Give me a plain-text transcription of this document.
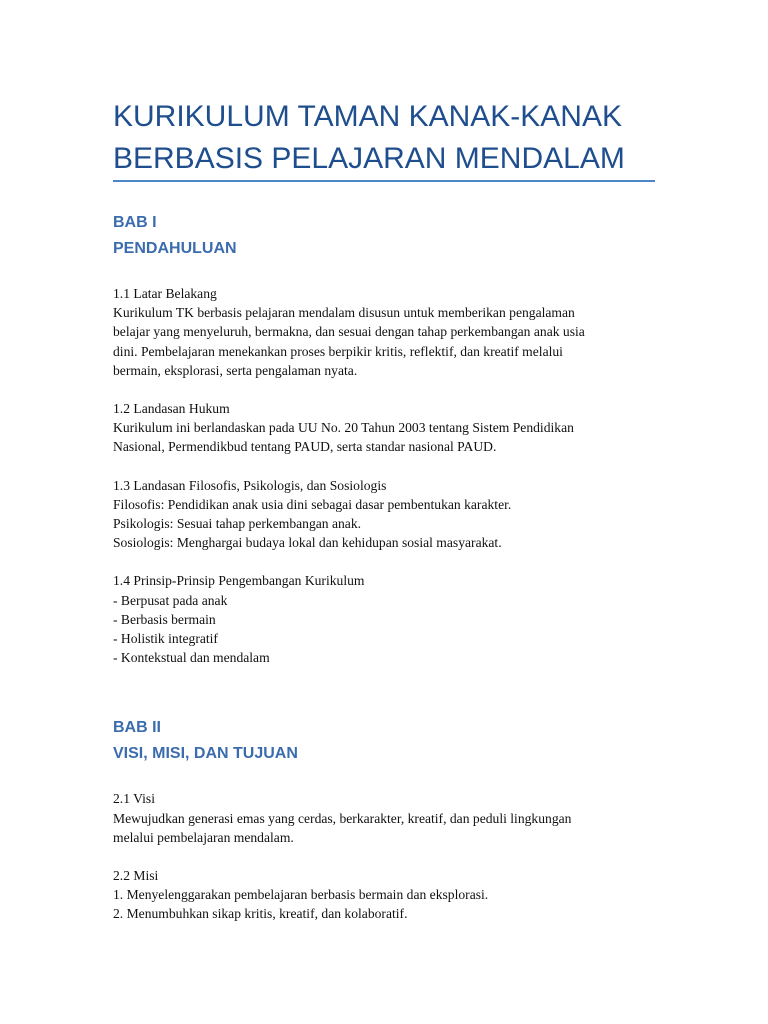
KURIKULUM TAMAN KANAK-KANAK
BERBASIS PELAJARAN MENDALAM
BAB I
PENDAHULUAN

1.1 Latar Belakang

Kurikulum TK berbasis pelajaran mendalam disusun untuk memberikan pengalaman

belajar yang menyeluruh, bermakna, dan sesuai dengan tahap perkembangan anak usia

dini. Pembelajaran menekankan proses berpikir kritis, reflektif, dan kreatif melalui

bermain, eksplorasi, serta pengalaman nyata.

1.2 Landasan Hukum

Kurikulum ini berlandaskan pada UU No. 20 Tahun 2003 tentang Sistem Pendidikan

Nasional, Permendikbud tentang PAUD, serta standar nasional PAUD.

1.3 Landasan Filosofis, Psikologis, dan Sosiologis

Filosofis: Pendidikan anak usia dini sebagai dasar pembentukan karakter.

Psikologis: Sesuai tahap perkembangan anak.

Sosiologis: Menghargai budaya lokal dan kehidupan sosial masyarakat.

1.4 Prinsip-Prinsip Pengembangan Kurikulum

- Berpusat pada anak

- Berbasis bermain

- Holistik integratif

- Kontekstual dan mendalam

BAB II
VISI, MISI, DAN TUJUAN

2.1 Visi

Mewujudkan generasi emas yang cerdas, berkarakter, kreatif, dan peduli lingkungan

melalui pembelajaran mendalam.

2.2 Misi

1. Menyelenggarakan pembelajaran berbasis bermain dan eksplorasi.

2. Menumbuhkan sikap kritis, kreatif, dan kolaboratif.
